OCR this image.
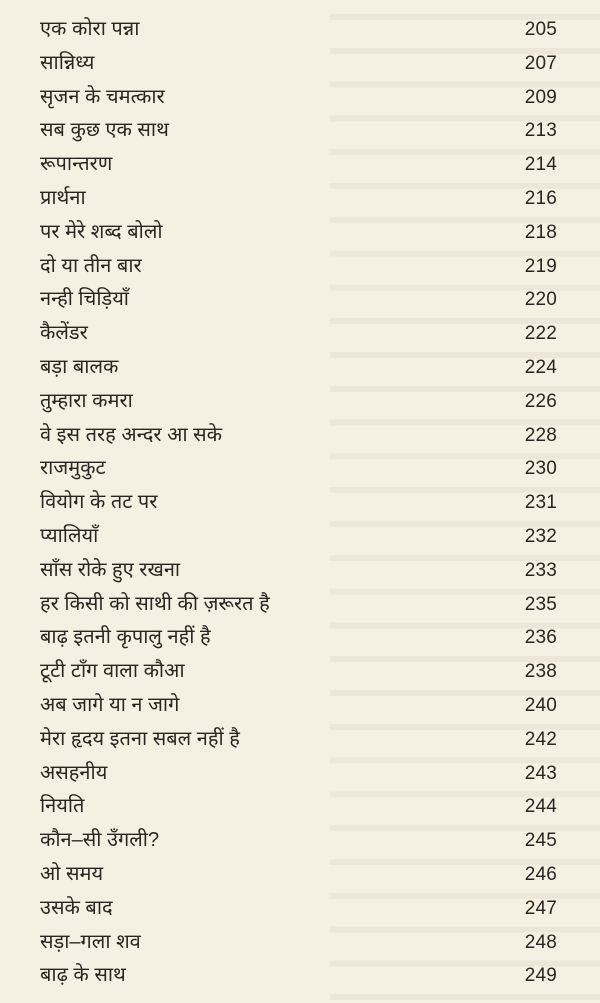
एक कोरा पन्ना	205
सान्निध्य	207
सृजन के चमत्कार	209
सब कुछ एक साथ	213
रूपान्तरण	214
प्रार्थना	216
पर मेरे शब्द बोलो	218
दो या तीन बार	219
नन्ही चिड़ियाँ	220
कैलेंडर	222
बड़ा बालक	224
तुम्हारा कमरा	226
वे इस तरह अन्दर आ सके	228
राजमुकुट	230
वियोग के तट पर	231
प्यालियाँ	232
साँस रोके हुए रखना	233
हर किसी को साथी की ज़रूरत है	235
बाढ़ इतनी कृपालु नहीं है	236
टूटी टाँग वाला कौआ	238
अब जागे या न जागे	240
मेरा हृदय इतना सबल नहीं है	242
असहनीय	243
नियति	244
कौन–सी उँगली?	245
ओ समय	246
उसके बाद	247
सड़ा–गला शव	248
बाढ़ के साथ	249
